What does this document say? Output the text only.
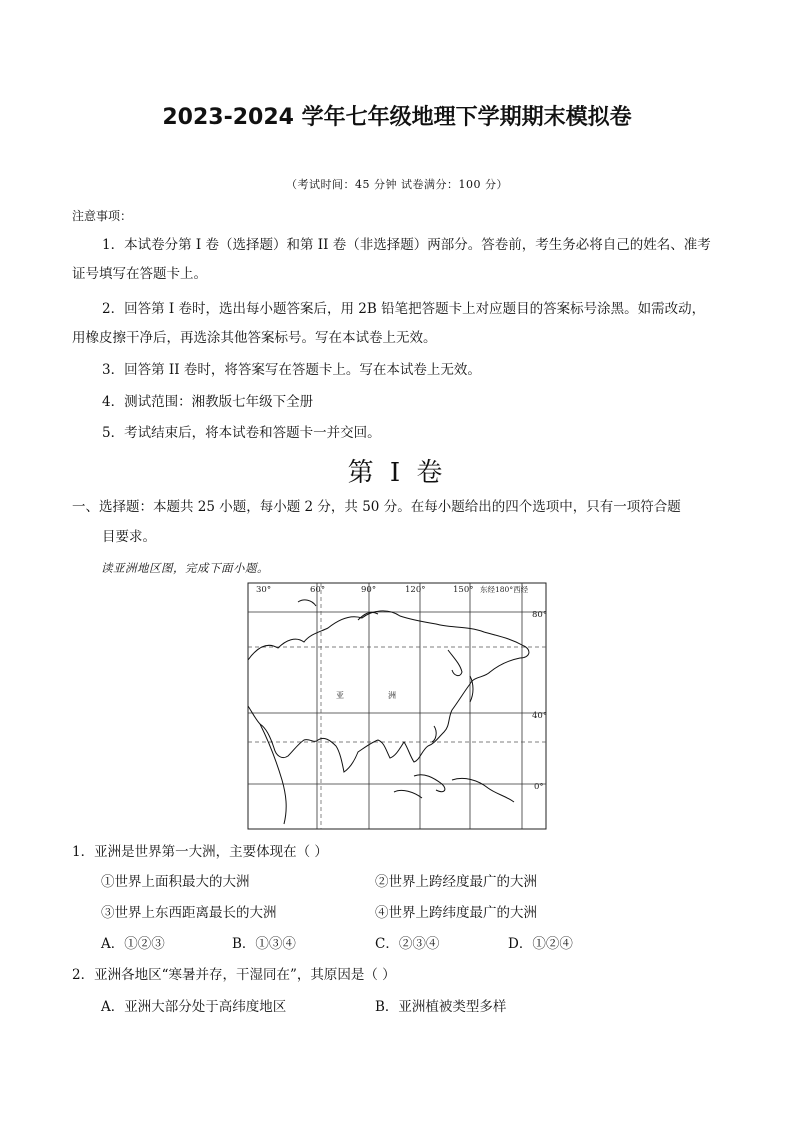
2023-2024 学年七年级地理下学期期末模拟卷
（考试时间：45 分钟 试卷满分：100 分）
注意事项：
1．本试卷分第 I 卷（选择题）和第 II 卷（非选择题）两部分。答卷前，考生务必将自己的姓名、准考
证号填写在答题卡上。
2．回答第 I 卷时，选出每小题答案后，用 2B 铅笔把答题卡上对应题目的答案标号涂黑。如需改动，
用橡皮擦干净后，再选涂其他答案标号。写在本试卷上无效。
3．回答第 II 卷时，将答案写在答题卡上。写在本试卷上无效。
4．测试范围：湘教版七年级下全册
5．考试结束后，将本试卷和答题卡一并交回。
第 I 卷
一、选择题：本题共 25 小题，每小题 2 分，共 50 分。在每小题给出的四个选项中，只有一项符合题
目要求。
读亚洲地区图，完成下面小题。
30°	60°	90°	120°	150° 东经180°西经
80°
40°
0°
亚	洲
1．亚洲是世界第一大洲，主要体现在（ ）
①世界上面积最大的大洲	②世界上跨经度最广的大洲
③世界上东西距离最长的大洲	④世界上跨纬度最广的大洲
A．①②③	B．①③④	C．②③④	D．①②④
2．亚洲各地区“寒暑并存，干湿同在”，其原因是（ ）
A．亚洲大部分处于高纬度地区	B．亚洲植被类型多样
